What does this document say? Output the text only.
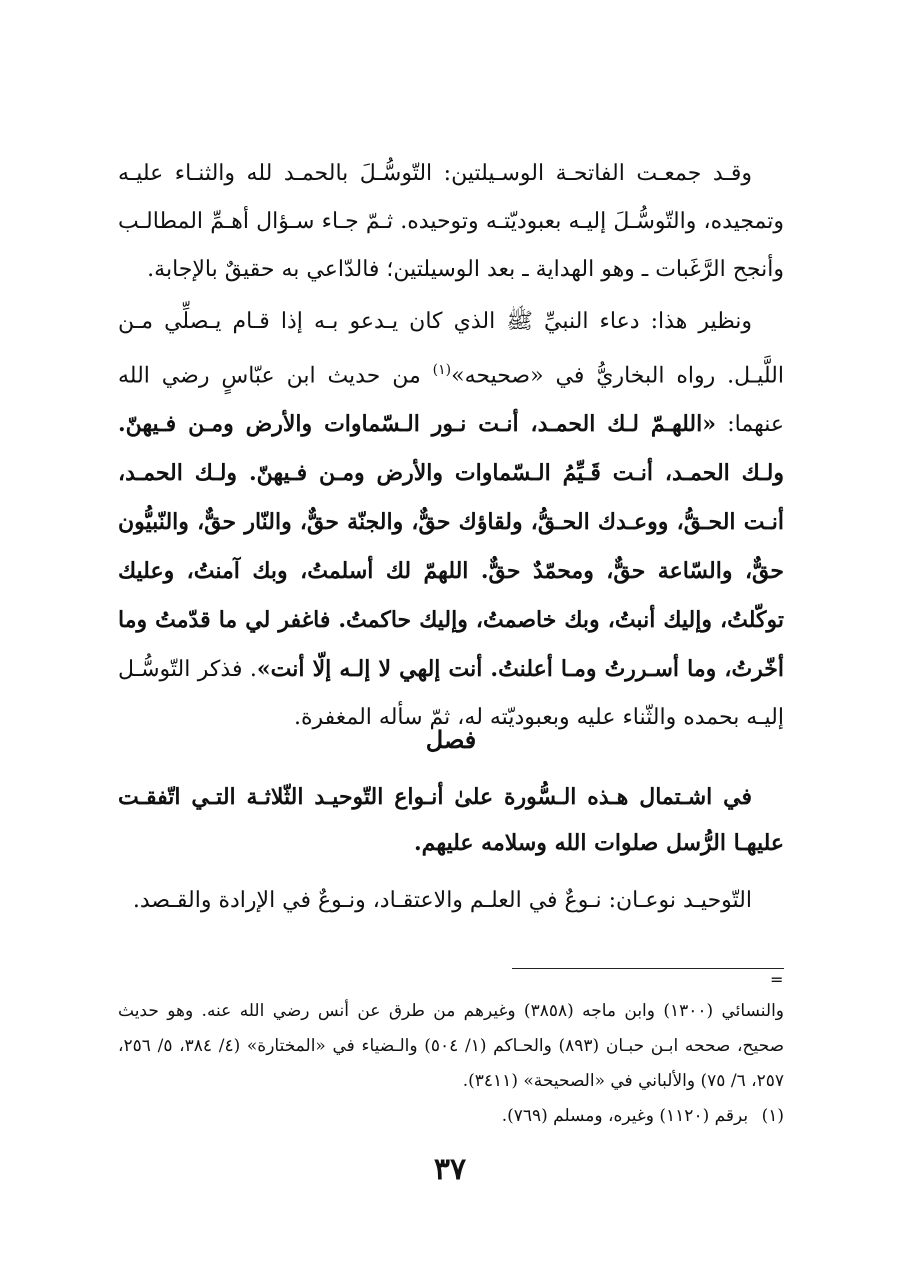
وقـد جمعـت الفاتحـة الوسـيلتين: التّوسُّـلَ بالحمـد لله والثنـاء عليـه وتمجيده، والتّوسُّـلَ إليـه بعبوديّتـه وتوحيده. ثـمّ جـاء سـؤال أهـمِّ المطالـب وأنجح الرَّغَبات ـ وهو الهداية ـ بعد الوسيلتين؛ فالدّاعي به حقيقٌ بالإجابة.
ونظير هذا: دعاء النبيِّ ﷺ الذي كان يـدعو بـه إذا قـام يـصلِّي مـن اللَّيـل. رواه البخاريُّ في «صحيحه»$^{(١)}$ من حديث ابن عبّاسٍ رضي الله عنهما: «اللهـمّ لـك الحمـد، أنـت نـور الـسّماوات والأرض ومـن فـيهنّ. ولـك الحمـد، أنـت قَـيِّمُ الـسّماوات والأرض ومـن فـيهنّ. ولـك الحمـد، أنـت الحـقُّ، ووعـدك الحـقُّ، ولقاؤك حقٌّ، والجنّة حقٌّ، والنّار حقٌّ، والنّبيُّون حقٌّ، والسّاعة حقٌّ، ومحمّدٌ حقٌّ. اللهمّ لك أسلمتُ، وبك آمنتُ، وعليك توكّلتُ، وإليك أنبتُ، وبك خاصمتُ، وإليك حاكمتُ. فاغفر لي ما قدّمتُ وما أخّرتُ، وما أسـررتُ ومـا أعلنتُ. أنت إلهي لا إلـه إلّا أنت». فذكر التّوسُّـل إليـه بحمده والثّناء عليه وبعبوديّته له، ثمّ سأله المغفرة.
فصل
في اشـتمال هـذه الـسُّورة علىٰ أنـواع التّوحيـد الثّلاثـة التـي اتّفقـت عليهـا الرُّسل صلوات الله وسلامه عليهم.
التّوحيـد نوعـان: نـوعٌ في العلـم والاعتقـاد، ونـوعٌ في الإرادة والقـصد.
=
والنسائي (١٣٠٠) وابن ماجه (٣٨٥٨) وغيرهم من طرق عن أنس رضي الله عنه. وهو حديث صحيح، صححه ابـن حبـان (٨٩٣) والحـاكم (١/ ٥٠٤) والـضياء في «المختارة» (٤/ ٣٨٤، ٥/ ٢٥٦، ٢٥٧، ٦/ ٧٥) والألباني في «الصحيحة» (٣٤١١).
(١) برقم (١١٢٠) وغيره، ومسلم (٧٦٩).
٣٧
